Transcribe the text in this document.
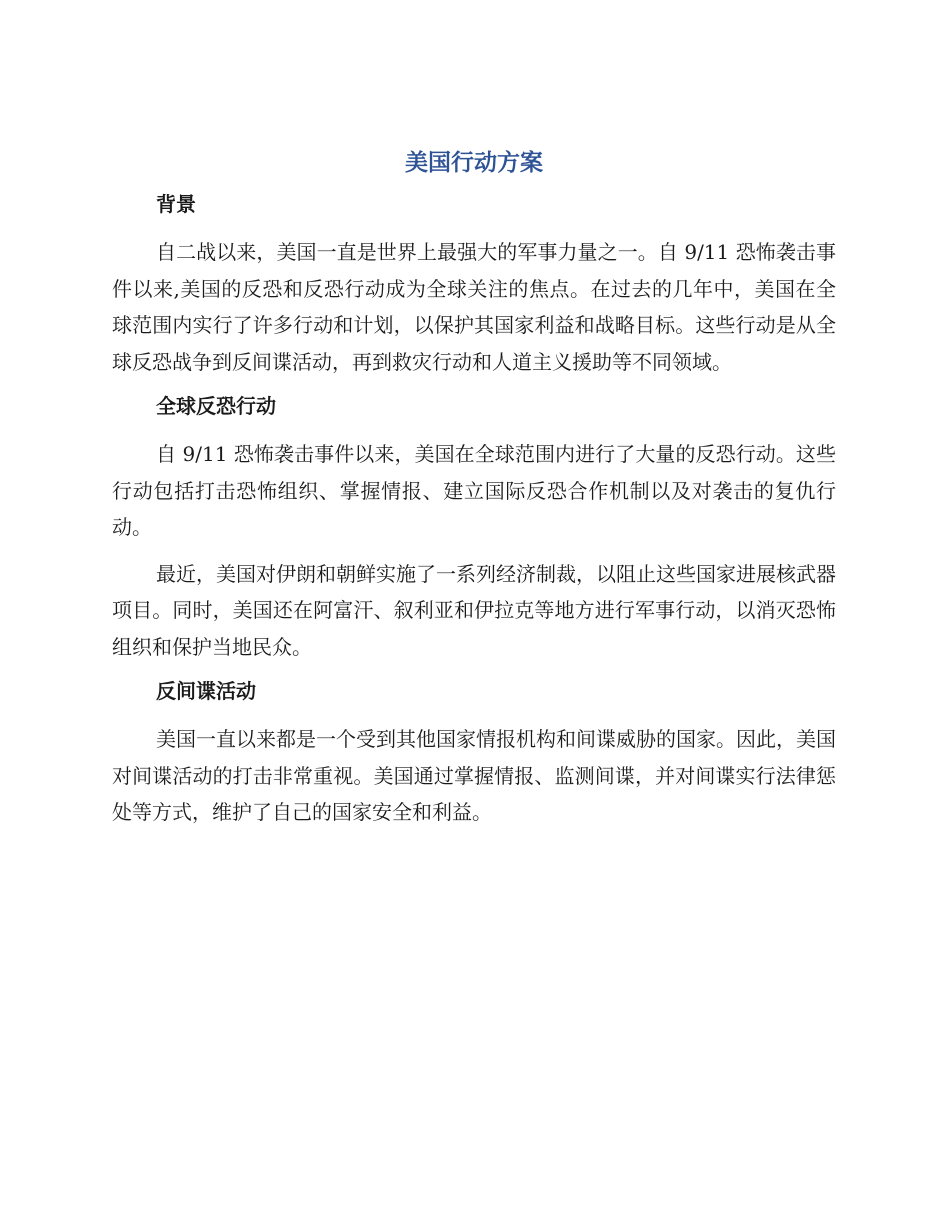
美国行动方案
背景

自二战以来，美国一直是世界上最强大的军事力量之一。自 9/11 恐怖袭击事件以来,美国的反恐和反恐行动成为全球关注的焦点。在过去的几年中，美国在全球范围内实行了许多行动和计划，以保护其国家利益和战略目标。这些行动是从全球反恐战争到反间谍活动，再到救灾行动和人道主义援助等不同领域。

全球反恐行动

自 9/11 恐怖袭击事件以来，美国在全球范围内进行了大量的反恐行动。这些行动包括打击恐怖组织、掌握情报、建立国际反恐合作机制以及对袭击的复仇行动。

最近，美国对伊朗和朝鲜实施了一系列经济制裁，以阻止这些国家进展核武器项目。同时，美国还在阿富汗、叙利亚和伊拉克等地方进行军事行动，以消灭恐怖组织和保护当地民众。

反间谍活动

美国一直以来都是一个受到其他国家情报机构和间谍威胁的国家。因此，美国对间谍活动的打击非常重视。美国通过掌握情报、监测间谍，并对间谍实行法律惩处等方式，维护了自己的国家安全和利益。
